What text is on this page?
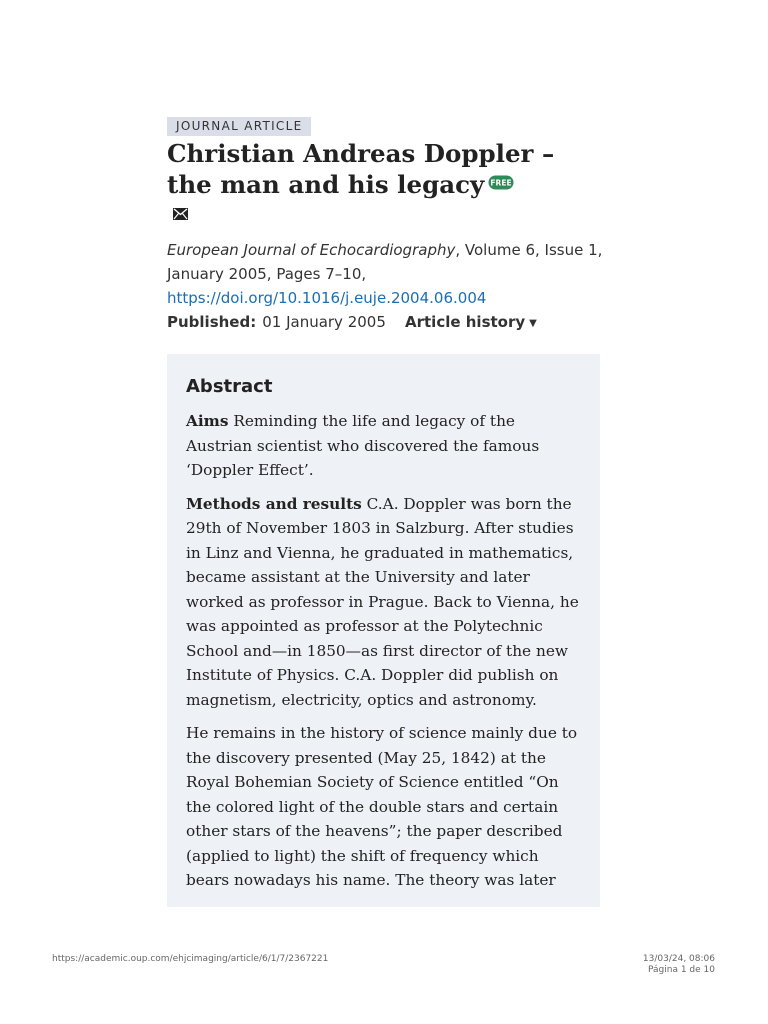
JOURNAL ARTICLE
Christian Andreas Doppler – the man and his legacy FREE
European Journal of Echocardiography, Volume 6, Issue 1, January 2005, Pages 7–10,
https://doi.org/10.1016/j.euje.2004.06.004
Published: 01 January 2005 Article history ▼
Abstract

Aims Reminding the life and legacy of the Austrian scientist who discovered the famous ‘Doppler Effect’.

Methods and results C.A. Doppler was born the 29th of November 1803 in Salzburg. After studies in Linz and Vienna, he graduated in mathematics, became assistant at the University and later worked as professor in Prague. Back to Vienna, he was appointed as professor at the Polytechnic School and—in 1850—as first director of the new Institute of Physics. C.A. Doppler did publish on magnetism, electricity, optics and astronomy.

He remains in the history of science mainly due to the discovery presented (May 25, 1842) at the Royal Bohemian Society of Science entitled “On the colored light of the double stars and certain other stars of the heavens”; the paper described (applied to light) the shift of frequency which bears nowadays his name. The theory was later

https://academic.oup.com/ehjcimaging/article/6/1/7/2367221	13/03/24, 08:06
Página 1 de 10
